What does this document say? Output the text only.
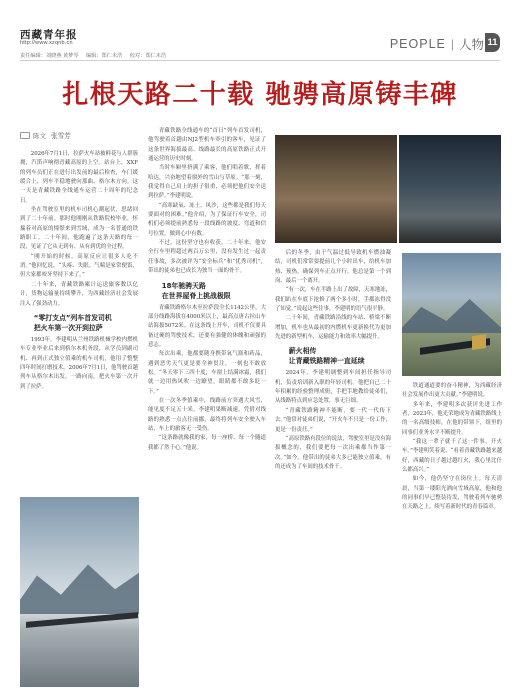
西藏青年报
http://www.xzqnb.cn
责任编辑：刘晓燕 黄梦琴 编辑：郑仁未浩 校对：郑仁未浩
PEOPLE | 人物 11
扎根天路二十载 驰骋高原铸丰碑
陈文 张雪芳

2026年7月1日，拉萨火车站被鲜花与人群簇拥，汽笛声响彻青藏高原的上空。站台上，XXF的列车员们正在进行出发前的最后检查，车门缓缓合上，列车平稳地驶向那曲、格尔木方向。这一天是青藏铁路全线通车运营二十周年的纪念日。

坐在驾驶室里的机车司机心潮起伏，思绪回到了二十年前。那时他刚刚从铁路院校毕业，怀揣着对高原的憧憬来到雪域，成为一名普通的铁路职工。二十年间，他跑遍了这条天路的每一段，见证了它从无到有、从有到优的全过程。

“刚开始的时候，高原反应让很多人吃不消。”他回忆说，“头疼、失眠、气喘是家常便饭，但大家都咬牙坚持下来了。”

二十年来，青藏铁路累计运送旅客数以亿计，货物运输量持续攀升，为西藏经济社会发展注入了强劲动力。

“零打支点”列车首发司机

把火车第一次开到拉萨

1993年，李建明从兰州铁路机械学校内燃机车专业毕业后来到格尔木机务段，从学员到副司机、再到正式独立值乘的机车司机，他用了整整四年时间打磨技术。2006年7月1日，他驾驶首趟列车从格尔木出发，一路向南，把火车第一次开到了拉萨。

青藏铁路全线通车的“首日”列车首发司机，他驾驶着首趟由NJ2型机车牵引的客车，见证了这条世界海拔最高、线路最长的高原铁路正式开通运营的历史时刻。

当时车厢里挤满了乘客，他们唱着歌、挥着哈达，兴奋地望着窗外的雪山与草原。“那一刻，我觉得自己肩上的担子很重，必须把他们安全送到拉萨。”李建明说。

“高寒缺氧、冻土、风沙，这些都是我们每天要面对的困难。”他介绍，为了保证行车安全，司机们必须提前熟悉每一段线路的坡度、弯道和信号位置，做到心中有数。

不过，这份坚守也有收获。二十年来，他安全行车里程超过两百万公里，没有发生过一起责任事故，多次被评为“安全标兵”和“优秀司机”，带出的徒弟也已成长为独当一面的骨干。

18年驰骋天路

在世界屋脊上挑战极限

青藏铁路格尔木至拉萨段全长1142公里，大部分线路海拔在4000米以上，最高点唐古拉山车站海拔5072米。在这条线上开车，司机不仅要具备过硬的驾驶技术，还要有强健的体魄和顽强的意志。

每次出乘，他都要随身携带氧气瓶和药品，遇到恶劣天气更是要全神贯注，一刻也不敢放松。“冬天零下三四十度，车窗上结满冰霜，我们就一边用热风吹一边瞭望，眼睛都不敢多眨一下。”

在一次冬季值乘中，线路前方突遇大风雪，能见度不足五十米。李建明果断减速，凭借对线路的熟悉一点点往前挪，最终将列车安全驶入车站，车上的旅客无一受伤。

“这条路就像我的家，每一座桥、每一个隧道我都了然于心。”他说。

后的冬季，由于气温过低导致机车燃油凝结，司机们常常要提前几个小时出车，给机车加热、预热，确保列车正点开行。他总是第一个到岗、最后一个离开。

“有一次，车在半路上出了故障，天寒地冻，我们趴在车底下抢修了两个多小时，手都冻得没了知觉。”说起这些往事，李建明的语气很平静。

二十年间，青藏铁路沿线的车站、桥梁不断增加，机车也从最初的内燃机车更新换代为更加先进的新型机车，运输能力和效率大幅提升。

薪火相传

让青藏铁路精神一直延续

2024年，李建明调整到车间担任指导司机，负责培训新入职的年轻司机。他把自己二十年积累的经验整理成册，手把手地教给徒弟们，从线路特点到应急处置，事无巨细。

“青藏铁路精神不能断，要一代一代传下去。”他常对徒弟们说，“开火车不只是一份工作，更是一份责任。”

“高原铁路有段位的说法，驾驶室里是没有海拔概念的，我们要把每一次出乘都当作第一次。”如今，他带出的徒弟大多已能独立值乘，有的还成为了车间的技术骨干。

铁道通道要的奋斗精神，为西藏经济社会发展作出更大贡献。”李建明说。

多年来，李建明多次获评先进工作者，2023年，他光荣地成为青藏铁路线上的一名高级技师，在他的带领下，组里的同事们业务水平不断提升。

“我这一辈子就干了这一件事，开火车。”李建明笑着说，“看着青藏铁路越来越好，西藏的日子越过越红火，我心里比什么都高兴。”

如今，他仍坚守在岗位上。每天清晨，当第一缕阳光洒向雪域高原，他和他的同事们早已整装待发，驾驶着列车驰骋在天路之上，续写着新时代的青春篇章。
